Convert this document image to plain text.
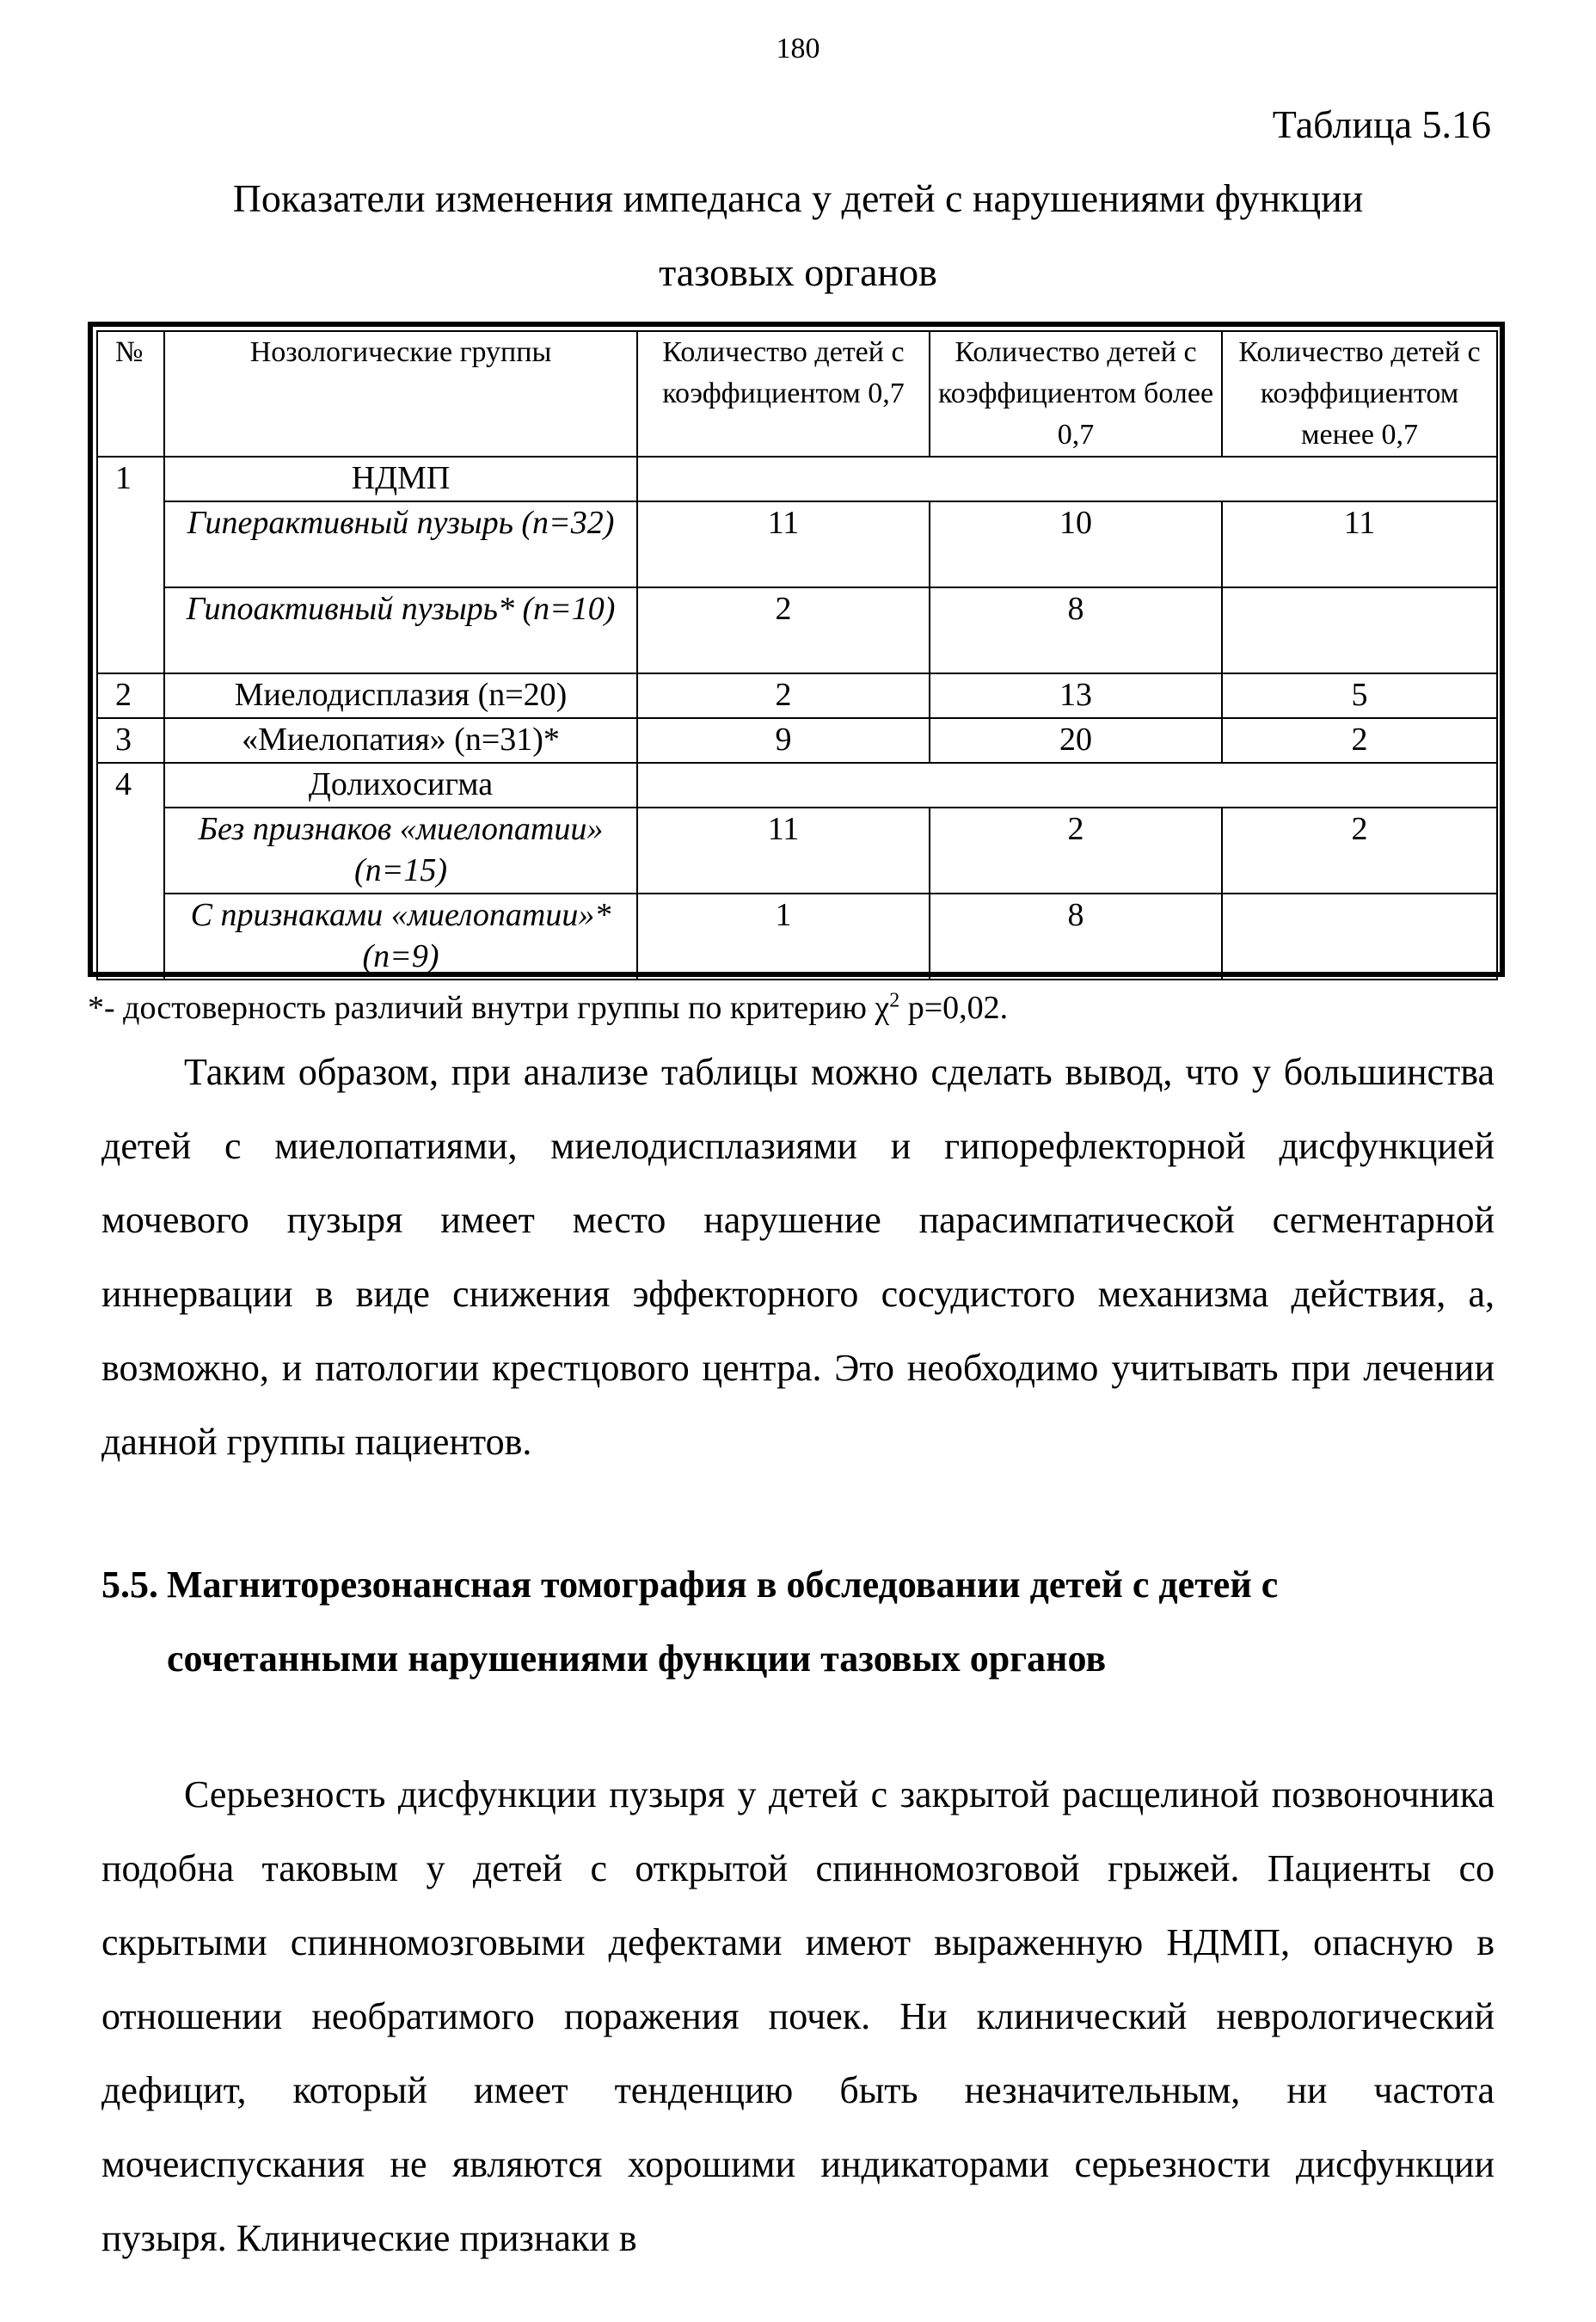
180
Таблица 5.16
Показатели изменения импеданса у детей с нарушениями функции
тазовых органов
№	Нозологические группы	Количество детей с коэффициентом 0,7	Количество детей с коэффициентом более 0,7	Количество детей с коэффициентом менее 0,7
1	НДМП			
	Гиперактивный пузырь (n=32)	11	10	11
	Гипоактивный пузырь* (n=10)	2	8	
2	Миелодисплазия (n=20)	2	13	5
3	«Миелопатия» (n=31)*	9	20	2
4	Долихосигма			
	Без признаков «миелопатии» (n=15)	11	2	2
	С признаками «миелопатии»* (n=9)	1	8	
*- достоверность различий внутри группы по критерию $\chi^2$ р=0,02.
Таким образом, при анализе таблицы можно сделать вывод, что у большинства детей с миелопатиями, миелодисплазиями и гипорефлекторной дисфункцией мочевого пузыря имеет место нарушение парасимпатической сегментарной иннервации в виде снижения эффекторного сосудистого механизма действия, а, возможно, и патологии крестцового центра. Это необходимо учитывать при лечении данной группы пациентов.
5.5. Магниторезонансная томография в обследовании детей с детей с
сочетанными нарушениями функции тазовых органов
Серьезность дисфункции пузыря у детей с закрытой расщелиной позвоночника подобна таковым у детей с открытой спинномозговой грыжей. Пациенты со скрытыми спинномозговыми дефектами имеют выраженную НДМП, опасную в отношении необратимого поражения почек. Ни клинический неврологический дефицит, который имеет тенденцию быть незначительным, ни частота мочеиспускания не являются хорошими индикаторами серьезности дисфункции пузыря. Клинические признаки в
